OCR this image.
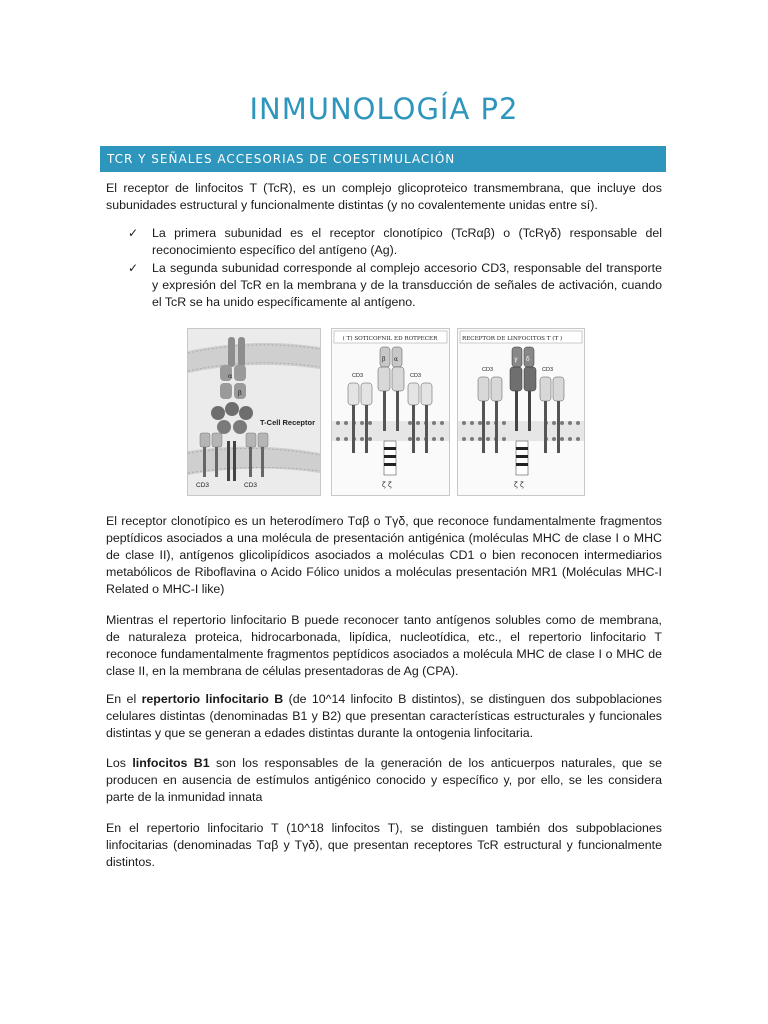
INMUNOLOGÍA P2
TCR Y SEÑALES ACCESORIAS DE COESTIMULACIÓN

El receptor de linfocitos T (TcR), es un complejo glicoproteico transmembrana, que incluye dos subunidades estructural y funcionalmente distintas (y no covalentemente unidas entre sí).

✓ La primera subunidad es el receptor clonotípico (TcRαβ) o (TcRγδ) responsable del reconocimiento específico del antígeno (Ag).
✓ La segunda subunidad corresponde al complejo accesorio CD3, responsable del transporte y expresión del TcR en la membrana y de la transducción de señales de activación, cuando el TcR se ha unido específicamente al antígeno.
α
β
T-Cell Receptor
CD3	CD3
( T) SOTICOFNIL ED ROTPECER
CD3	CD3
ζ ζ
β α
RECEPTOR DE LINFOCITOS T (T )
γ δ
CD3	CD3
ζ ζ

El receptor clonotípico es un heterodímero Tαβ o Tγδ, que reconoce fundamentalmente fragmentos peptídicos asociados a una molécula de presentación antigénica (moléculas MHC de clase I o MHC de clase II), antígenos glicolipídicos asociados a moléculas CD1 o bien reconocen intermediarios metabólicos de Riboflavina o Acido Fólico unidos a moléculas presentación MR1 (Moléculas MHC-I Related o MHC-I like)

Mientras el repertorio linfocitario B puede reconocer tanto antígenos solubles como de membrana, de naturaleza proteica, hidrocarbonada, lipídica, nucleotídica, etc., el repertorio linfocitario T reconoce fundamentalmente fragmentos peptídicos asociados a molécula MHC de clase I o MHC de clase II, en la membrana de células presentadoras de Ag (CPA).

En el repertorio linfocitario B (de 10^14 linfocito B distintos), se distinguen dos subpoblaciones celulares distintas (denominadas B1 y B2) que presentan características estructurales y funcionales distintas y que se generan a edades distintas durante la ontogenia linfocitaria.

Los linfocitos B1 son los responsables de la generación de los anticuerpos naturales, que se producen en ausencia de estímulos antigénico conocido y específico y, por ello, se les considera parte de la inmunidad innata

En el repertorio linfocitario T (10^18 linfocitos T), se distinguen también dos subpoblaciones linfocitarias (denominadas Tαβ y Tγδ), que presentan receptores TcR estructural y funcionalmente distintos.
